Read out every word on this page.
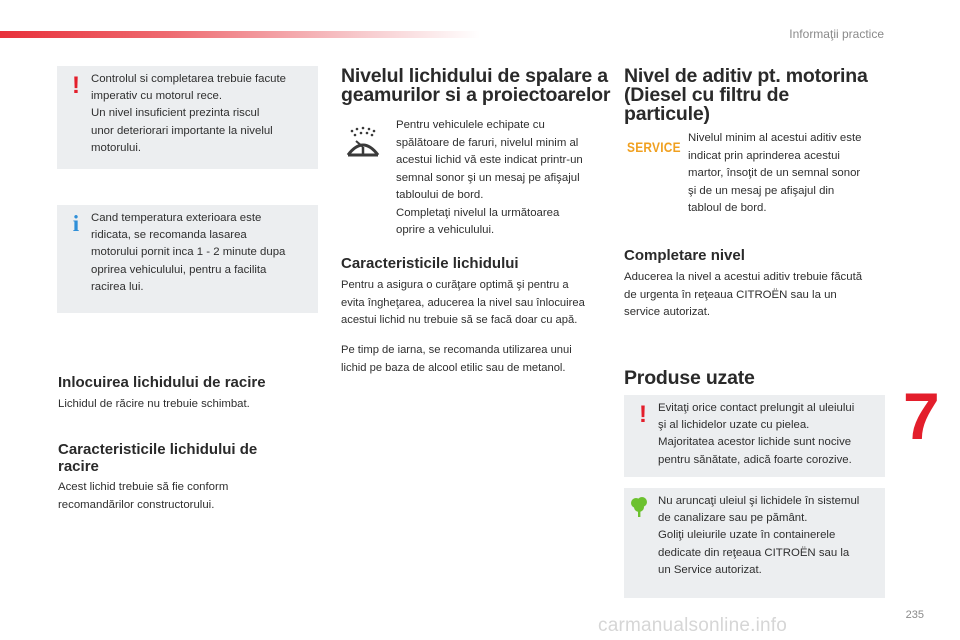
Informaţii practice
235
7
! Controlul si completarea trebuie facute
imperativ cu motorul rece.
Un nivel insuficient prezinta riscul
unor deteriorari importante la nivelul
motorului.
i	Cand temperatura exterioara este
ridicata, se recomanda lasarea
motorului pornit inca 1 - 2 minute dupa
oprirea vehiculului, pentru a facilita
racirea lui.
Inlocuirea lichidului de racire
Lichidul de răcire nu trebuie schimbat.
Caracteristicile lichidului de
racire
Acest lichid trebuie să fie conform
recomandărilor constructorului.
Nivelul lichidului de spalare a
geamurilor si a proiectoarelor
Pentru vehiculele echipate cu
spălătoare de faruri, nivelul minim al
acestui lichid vă este indicat printr-un
semnal sonor şi un mesaj pe afişajul
tabloului de bord.
Completaţi nivelul la următoarea
oprire a vehiculului.
Caracteristicile lichidului
Pentru a asigura o curăţare optimă şi pentru a
evita îngheţarea, aducerea la nivel sau înlocuirea
acestui lichid nu trebuie să se facă doar cu apă.
Pe timp de iarna, se recomanda utilizarea unui
lichid pe baza de alcool etilic sau de metanol.
Nivel de aditiv pt. motorina
(Diesel cu filtru de
particule)
SERVICE
Nivelul minim al acestui aditiv este
indicat prin aprinderea acestui
martor, însoţit de un semnal sonor
şi de un mesaj pe afişajul din
tabloul de bord.
Completare nivel
Aducerea la nivel a acestui aditiv trebuie făcută
de urgenta în reţeaua CITROËN sau la un
service autorizat.
Produse uzate
! Evitaţi orice contact prelungit al uleiului
şi al lichidelor uzate cu pielea.
Majoritatea acestor lichide sunt nocive
pentru sănătate, adică foarte corozive.
Nu aruncaţi uleiul şi lichidele în sistemul
de canalizare sau pe pământ.
Goliţi uleiurile uzate în containerele
dedicate din reţeaua CITROËN sau la
un Service autorizat.
carmanualsonline.info
